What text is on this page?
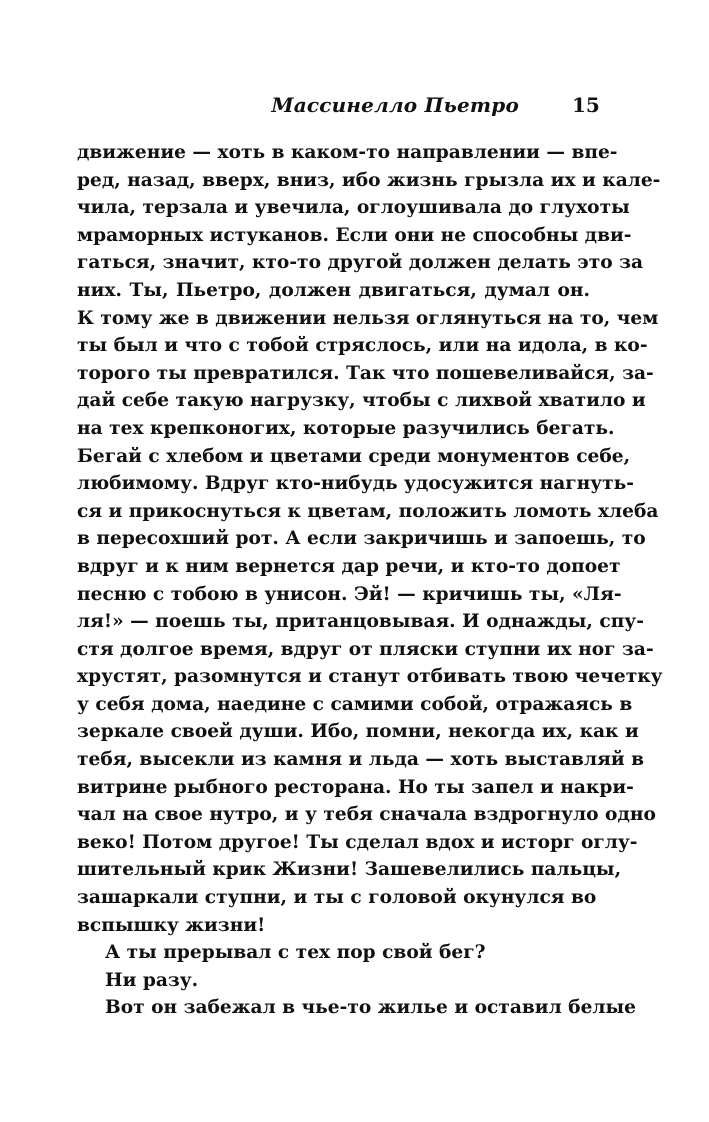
Массинелло Пьетро	15
движение — хоть в каком-то направлении — впе-
ред, назад, вверх, вниз, ибо жизнь грызла их и кале-
чила, терзала и увечила, оглоушивала до глухоты
мраморных истуканов. Если они не способны дви-
гаться, значит, кто-то другой должен делать это за
них. Ты, Пьетро, должен двигаться, думал он.
К тому же в движении нельзя оглянуться на то, чем
ты был и что с тобой стряслось, или на идола, в ко-
торого ты превратился. Так что пошевеливайся, за-
дай себе такую нагрузку, чтобы с лихвой хватило и
на тех крепконогих, которые разучились бегать.
Бегай с хлебом и цветами среди монументов себе,
любимому. Вдруг кто-нибудь удосужится нагнуть-
ся и прикоснуться к цветам, положить ломоть хлеба
в пересохший рот. А если закричишь и запоешь, то
вдруг и к ним вернется дар речи, и кто-то допоет
песню с тобою в унисон. Эй! — кричишь ты, «Ля-
ля!» — поешь ты, пританцовывая. И однажды, спу-
стя долгое время, вдруг от пляски ступни их ног за-
хрустят, разомнутся и станут отбивать твою чечетку
у себя дома, наедине с самими собой, отражаясь в
зеркале своей души. Ибо, помни, некогда их, как и
тебя, высекли из камня и льда — хоть выставляй в
витрине рыбного ресторана. Но ты запел и накри-
чал на свое нутро, и у тебя сначала вздрогнуло одно
веко! Потом другое! Ты сделал вдох и исторг оглу-
шительный крик Жизни! Зашевелились пальцы,
зашаркали ступни, и ты с головой окунулся во
вспышку жизни!
А ты прерывал с тех пор свой бег?
Ни разу.
Вот он забежал в чье-то жилье и оставил белые
